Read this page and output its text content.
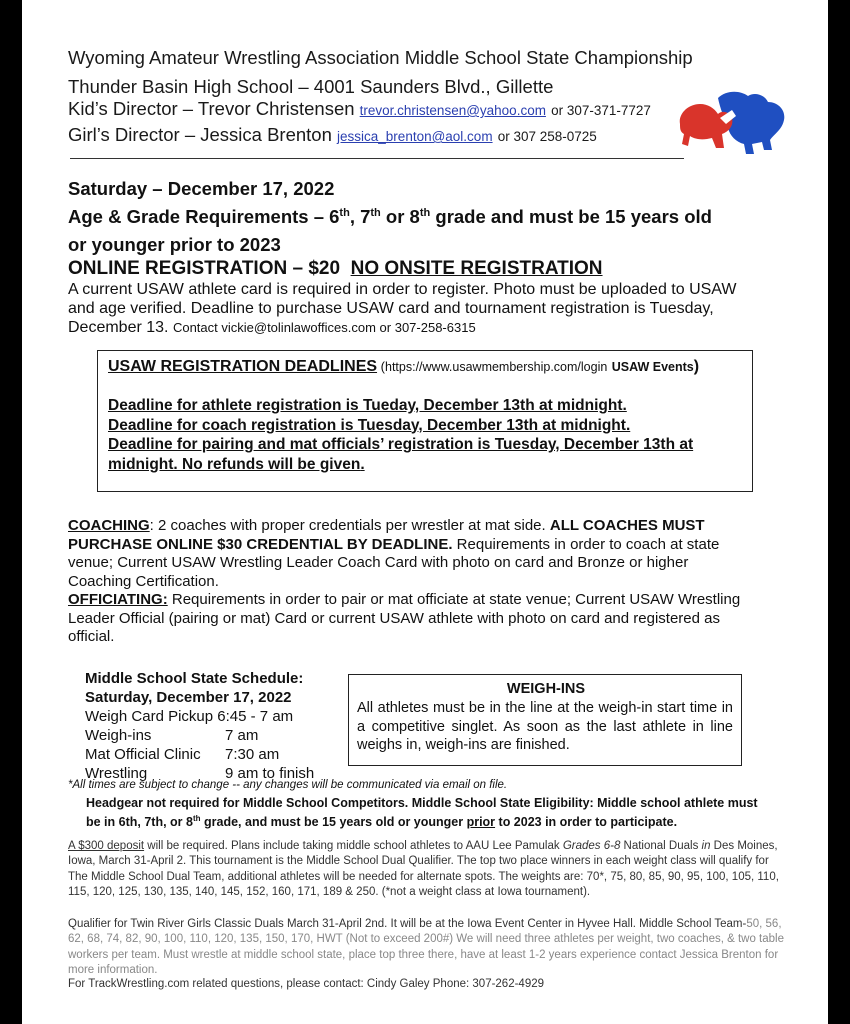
Wyoming Amateur Wrestling Association Middle School State Championship
Thunder Basin High School – 4001 Saunders Blvd., Gillette
Kid’s Director – Trevor Christensen trevor.christensen@yahoo.com or 307-371-7727
Girl’s Director – Jessica Brenton jessica_brenton@aol.com or 307 258-0725
Saturday – December 17, 2022
Age & Grade Requirements – 6th, 7th or 8th grade and must be 15 years old
or younger prior to 2023
ONLINE REGISTRATION – $20 NO ONSITE REGISTRATION
A current USAW athlete card is required in order to register. Photo must be uploaded to USAW and age verified. Deadline to purchase USAW card and tournament registration is Tuesday, December 13. Contact vickie@tolinlawoffices.com or 307-258-6315
USAW REGISTRATION DEADLINES (https://www.usawmembership.com/login USAW Events)
Deadline for athlete registration is Tueday, December 13th at midnight.
Deadline for coach registration is Tuesday, December 13th at midnight.
Deadline for pairing and mat officials’ registration is Tuesday, December 13th at midnight. No refunds will be given.
COACHING: 2 coaches with proper credentials per wrestler at mat side. ALL COACHES MUST PURCHASE ONLINE $30 CREDENTIAL BY DEADLINE. Requirements in order to coach at state venue; Current USAW Wrestling Leader Coach Card with photo on card and Bronze or higher Coaching Certification.
OFFICIATING: Requirements in order to pair or mat officiate at state venue; Current USAW Wrestling Leader Official (pairing or mat) Card or current USAW athlete with photo on card and registered as official.
Middle School State Schedule:
Saturday, December 17, 2022
Weigh Card Pickup 6:45 - 7 am
Weigh-ins	7 am
Mat Official Clinic 7:30 am
Wrestling	9 am to finish
WEIGH-INS
All athletes must be in the line at the weigh-in start time in a competitive singlet. As soon as the last athlete in line weighs in, weigh-ins are finished.
*All times are subject to change -- any changes will be communicated via email on file.
Headgear not required for Middle School Competitors. Middle School State Eligibility: Middle school athlete must be in 6th, 7th, or 8th grade, and must be 15 years old or younger prior to 2023 in order to participate.
A $300 deposit will be required. Plans include taking middle school athletes to AAU Lee Pamulak Grades 6-8 National Duals in Des Moines, Iowa, March 31-April 2. This tournament is the Middle School Dual Qualifier. The top two place winners in each weight class will qualify for The Middle School Dual Team, additional athletes will be needed for alternate spots. The weights are: 70*, 75, 80, 85, 90, 95, 100, 105, 110, 115, 120, 125, 130, 135, 140, 145, 152, 160, 171, 189 & 250. (*not a weight class at Iowa tournament).
Qualifier for Twin River Girls Classic Duals March 31-April 2nd. It will be at the Iowa Event Center in Hyvee Hall. Middle School Team-50, 56, 62, 68, 74, 82, 90, 100, 110, 120, 135, 150, 170, HWT (Not to exceed 200#) We will need three athletes per weight, two coaches, & two table workers per team. Must wrestle at middle school state, place top three there, have at least 1-2 years experience contact Jessica Brenton for more information.
For TrackWrestling.com related questions, please contact: Cindy Galey Phone: 307-262-4929
